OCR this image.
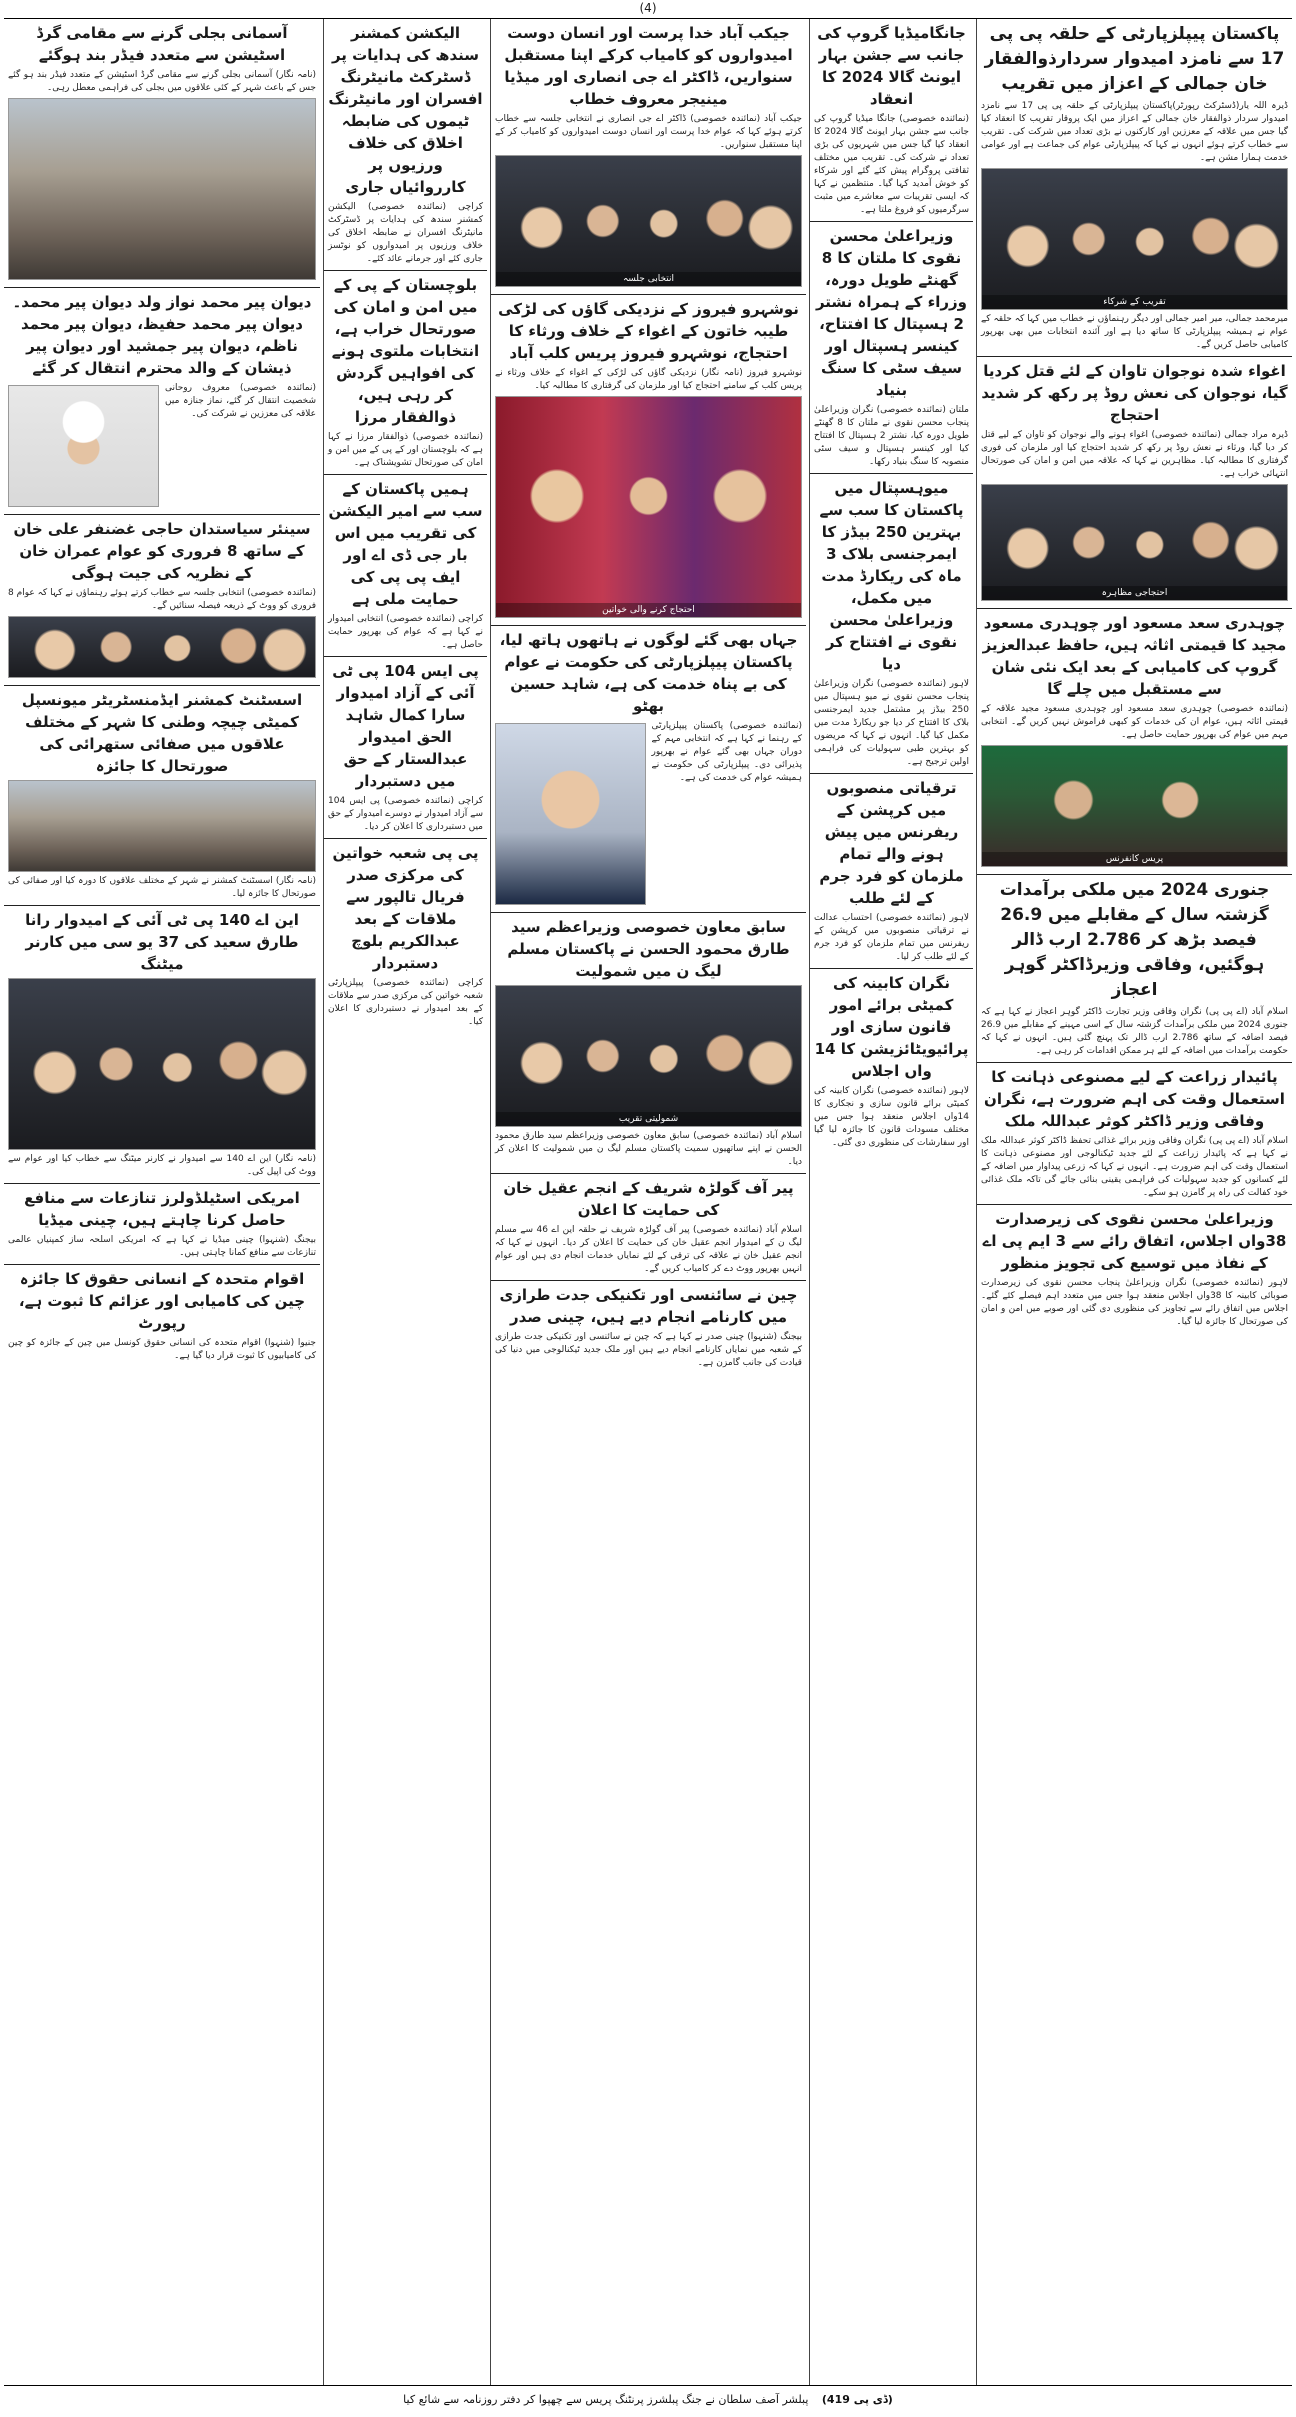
(4)
پاکستان پیپلزپارٹی کے حلقہ پی پی 17 سے نامزد امیدوار سردارذوالفقار خان جمالی کے اعزاز میں تقریب

ڈیرہ اللہ یار(ڈسٹرکٹ رپورٹر)پاکستان پیپلزپارٹی کے حلقہ پی پی 17 سے نامزد امیدوار سردار ذوالفقار خان جمالی کے اعزاز میں ایک پروقار تقریب کا انعقاد کیا گیا جس میں علاقہ کے معززین اور کارکنوں نے بڑی تعداد میں شرکت کی۔ تقریب سے خطاب کرتے ہوئے انہوں نے کہا کہ پیپلزپارٹی عوام کی جماعت ہے اور عوامی خدمت ہمارا مشن ہے۔

تقریب کے شرکاء

میرمحمد جمالی، میر امیر جمالی اور دیگر رہنماؤں نے خطاب میں کہا کہ حلقہ کے عوام نے ہمیشہ پیپلزپارٹی کا ساتھ دیا ہے اور آئندہ انتخابات میں بھی بھرپور کامیابی حاصل کریں گے۔

اغواء شدہ نوجوان تاوان کے لئے قتل کردیا گیا، نوجوان کی نعش روڈ پر رکھ کر شدید احتجاج

ڈیرہ مراد جمالی (نمائندہ خصوصی) اغواء ہونے والے نوجوان کو تاوان کے لیے قتل کر دیا گیا، ورثاء نے نعش روڈ پر رکھ کر شدید احتجاج کیا اور ملزمان کی فوری گرفتاری کا مطالبہ کیا۔ مظاہرین نے کہا کہ علاقہ میں امن و امان کی صورتحال انتہائی خراب ہے۔

احتجاجی مظاہرہ
چوہدری سعد مسعود اور چوہدری مسعود مجید کا قیمتی اثاثہ ہیں، حافظ عبدالعزیز گروپ کی کامیابی کے بعد ایک نئی شان سے مستقبل میں چلے گا

(نمائندہ خصوصی) چوہدری سعد مسعود اور چوہدری مسعود مجید علاقہ کے قیمتی اثاثہ ہیں، عوام ان کی خدمات کو کبھی فراموش نہیں کریں گے۔ انتخابی مہم میں عوام کی بھرپور حمایت حاصل ہے۔

پریس کانفرنس
جنوری 2024 میں ملکی برآمدات گزشتہ سال کے مقابلے میں 26.9 فیصد بڑھ کر 2.786 ارب ڈالر ہوگئیں، وفاقی وزیرڈاکٹر گوہر اعجاز

اسلام آباد (اے پی پی) نگران وفاقی وزیر تجارت ڈاکٹر گوہر اعجاز نے کہا ہے کہ جنوری 2024 میں ملکی برآمدات گزشتہ سال کے اسی مہینے کے مقابلے میں 26.9 فیصد اضافہ کے ساتھ 2.786 ارب ڈالر تک پہنچ گئی ہیں۔ انہوں نے کہا کہ حکومت برآمدات میں اضافہ کے لئے ہر ممکن اقدامات کر رہی ہے۔

پائیدار زراعت کے لیے مصنوعی ذہانت کا استعمال وقت کی اہم ضرورت ہے، نگران وفاقی وزیر ڈاکٹر کوثر عبداللہ ملک

اسلام آباد (اے پی پی) نگران وفاقی وزیر برائے غذائی تحفظ ڈاکٹر کوثر عبداللہ ملک نے کہا ہے کہ پائیدار زراعت کے لئے جدید ٹیکنالوجی اور مصنوعی ذہانت کا استعمال وقت کی اہم ضرورت ہے۔ انہوں نے کہا کہ زرعی پیداوار میں اضافہ کے لئے کسانوں کو جدید سہولیات کی فراہمی یقینی بنائی جائے گی تاکہ ملک غذائی خود کفالت کی راہ پر گامزن ہو سکے۔

وزیراعلیٰ محسن نقوی کی زیرصدارت 38واں اجلاس، اتفاق رائے سے 3 ایم پی اے کے نفاذ میں توسیع کی تجویز منظور

لاہور (نمائندہ خصوصی) نگران وزیراعلیٰ پنجاب محسن نقوی کی زیرصدارت صوبائی کابینہ کا 38واں اجلاس منعقد ہوا جس میں متعدد اہم فیصلے کئے گئے۔ اجلاس میں اتفاق رائے سے تجاویز کی منظوری دی گئی اور صوبے میں امن و امان کی صورتحال کا جائزہ لیا گیا۔

جانگامیڈیا گروپ کی جانب سے جشن بہار ایونٹ گالا 2024 کا انعقاد

(نمائندہ خصوصی) جانگا میڈیا گروپ کی جانب سے جشن بہار ایونٹ گالا 2024 کا انعقاد کیا گیا جس میں شہریوں کی بڑی تعداد نے شرکت کی۔ تقریب میں مختلف ثقافتی پروگرام پیش کئے گئے اور شرکاء کو خوش آمدید کہا گیا۔ منتظمین نے کہا کہ ایسی تقریبات سے معاشرے میں مثبت سرگرمیوں کو فروغ ملتا ہے۔

وزیراعلیٰ محسن نقوی کا ملتان کا 8 گھنٹے طویل دورہ، وزراء کے ہمراہ نشتر 2 ہسپتال کا افتتاح، کینسر ہسپتال اور سیف سٹی کا سنگ بنیاد

ملتان (نمائندہ خصوصی) نگران وزیراعلیٰ پنجاب محسن نقوی نے ملتان کا 8 گھنٹے طویل دورہ کیا، نشتر 2 ہسپتال کا افتتاح کیا اور کینسر ہسپتال و سیف سٹی منصوبہ کا سنگ بنیاد رکھا۔

میوہسپتال میں پاکستان کا سب سے بہترین 250 بیڈز کا ایمرجنسی بلاک 3 ماہ کی ریکارڈ مدت میں مکمل، وزیراعلیٰ محسن نقوی نے افتتاح کر دیا

لاہور (نمائندہ خصوصی) نگران وزیراعلیٰ پنجاب محسن نقوی نے میو ہسپتال میں 250 بیڈز پر مشتمل جدید ایمرجنسی بلاک کا افتتاح کر دیا جو ریکارڈ مدت میں مکمل کیا گیا۔ انہوں نے کہا کہ مریضوں کو بہترین طبی سہولیات کی فراہمی اولین ترجیح ہے۔

ترقیاتی منصوبوں میں کرپشن کے ریفرنس میں پیش ہونے والے تمام ملزمان کو فرد جرم کے لئے طلب

لاہور (نمائندہ خصوصی) احتساب عدالت نے ترقیاتی منصوبوں میں کرپشن کے ریفرنس میں تمام ملزمان کو فرد جرم کے لئے طلب کر لیا۔

نگران کابینہ کی کمیٹی برائے امور قانون سازی اور پرائیویٹائزیشن کا 14 واں اجلاس

لاہور (نمائندہ خصوصی) نگران کابینہ کی کمیٹی برائے قانون سازی و نجکاری کا 14واں اجلاس منعقد ہوا جس میں مختلف مسودات قانون کا جائزہ لیا گیا اور سفارشات کی منظوری دی گئی۔

جیکب آباد خدا پرست اور انسان دوست امیدواروں کو کامیاب کرکے اپنا مستقبل سنواریں، ڈاکٹر اے جی انصاری اور میڈیا مینیجر معروف خطاب

جیکب آباد (نمائندہ خصوصی) ڈاکٹر اے جی انصاری نے انتخابی جلسہ سے خطاب کرتے ہوئے کہا کہ عوام خدا پرست اور انسان دوست امیدواروں کو کامیاب کر کے اپنا مستقبل سنواریں۔

انتخابی جلسہ
نوشہرو فیروز کے نزدیکی گاؤں کی لڑکی طیبہ خاتون کے اغواء کے خلاف ورثاء کا احتجاج، نوشہرو فیروز پریس کلب آباد

نوشہرو فیروز (نامہ نگار) نزدیکی گاؤں کی لڑکی کے اغواء کے خلاف ورثاء نے پریس کلب کے سامنے احتجاج کیا اور ملزمان کی گرفتاری کا مطالبہ کیا۔

احتجاج کرنے والی خواتین
جہاں بھی گئے لوگوں نے ہاتھوں ہاتھ لیا، پاکستان پیپلزپارٹی کی حکومت نے عوام کی بے پناہ خدمت کی ہے، شاہد حسین بھٹو

(نمائندہ خصوصی) پاکستان پیپلزپارٹی کے رہنما نے کہا ہے کہ انتخابی مہم کے دوران جہاں بھی گئے عوام نے بھرپور پذیرائی دی۔ پیپلزپارٹی کی حکومت نے ہمیشہ عوام کی خدمت کی ہے۔

سابق معاون خصوصی وزیراعظم سید طارق محمود الحسن نے پاکستان مسلم لیگ ن میں شمولیت
شمولیتی تقریب

اسلام آباد (نمائندہ خصوصی) سابق معاون خصوصی وزیراعظم سید طارق محمود الحسن نے اپنے ساتھیوں سمیت پاکستان مسلم لیگ ن میں شمولیت کا اعلان کر دیا۔

پیر آف گولڑہ شریف کے انجم عقیل خان کی حمایت کا اعلان

اسلام آباد (نمائندہ خصوصی) پیر آف گولڑہ شریف نے حلقہ این اے 46 سے مسلم لیگ ن کے امیدوار انجم عقیل خان کی حمایت کا اعلان کر دیا۔ انہوں نے کہا کہ انجم عقیل خان نے علاقہ کی ترقی کے لئے نمایاں خدمات انجام دی ہیں اور عوام انہیں بھرپور ووٹ دے کر کامیاب کریں گے۔

چین نے سائنسی اور تکنیکی جدت طرازی میں کارنامے انجام دیے ہیں، چینی صدر

بیجنگ (شنہوا) چینی صدر نے کہا ہے کہ چین نے سائنسی اور تکنیکی جدت طرازی کے شعبہ میں نمایاں کارنامے انجام دیے ہیں اور ملک جدید ٹیکنالوجی میں دنیا کی قیادت کی جانب گامزن ہے۔

الیکشن کمشنر سندھ کی ہدایات پر ڈسٹرکٹ مانیٹرنگ افسران اور مانیٹرنگ ٹیموں کی ضابطہ اخلاق کی خلاف ورزیوں پر کارروائیاں جاری

کراچی (نمائندہ خصوصی) الیکشن کمشنر سندھ کی ہدایات پر ڈسٹرکٹ مانیٹرنگ افسران نے ضابطہ اخلاق کی خلاف ورزیوں پر امیدواروں کو نوٹسز جاری کئے اور جرمانے عائد کئے۔

بلوچستان کے پی کے میں امن و امان کی صورتحال خراب ہے، انتخابات ملتوی ہونے کی افواہیں گردش کر رہی ہیں، ذوالفقار مرزا

(نمائندہ خصوصی) ذوالفقار مرزا نے کہا ہے کہ بلوچستان اور کے پی کے میں امن و امان کی صورتحال تشویشناک ہے۔

ہمیں پاکستان کے سب سے امیر الیکشن کی تقریب میں اس بار جی ڈی اے اور ایف پی پی کی حمایت ملی ہے

کراچی (نمائندہ خصوصی) انتخابی امیدوار نے کہا ہے کہ عوام کی بھرپور حمایت حاصل ہے۔

پی ایس 104 پی ٹی آئی کے آزاد امیدوار سارا کمال شاہد الحق امیدوار عبدالستار کے حق میں دستبردار

کراچی (نمائندہ خصوصی) پی ایس 104 سے آزاد امیدوار نے دوسرے امیدوار کے حق میں دستبرداری کا اعلان کر دیا۔

پی پی شعبہ خواتین کی مرکزی صدر فریال تالپور سے ملاقات کے بعد عبدالکریم بلوچ دستبردار

کراچی (نمائندہ خصوصی) پیپلزپارٹی شعبہ خواتین کی مرکزی صدر سے ملاقات کے بعد امیدوار نے دستبرداری کا اعلان کیا۔

آسمانی بجلی گرنے سے مقامی گرڈ اسٹیشن سے متعدد فیڈر بند ہوگئے

(نامہ نگار) آسمانی بجلی گرنے سے مقامی گرڈ اسٹیشن کے متعدد فیڈر بند ہو گئے جس کے باعث شہر کے کئی علاقوں میں بجلی کی فراہمی معطل رہی۔

دیوان پیر محمد نواز ولد دیوان پیر محمد۔ دیوان پیر محمد حفیظ، دیوان پیر محمد ناظم، دیوان پیر جمشید اور دیوان پیر ذیشان کے والد محترم انتقال کر گئے

(نمائندہ خصوصی) معروف روحانی شخصیت انتقال کر گئے، نماز جنازہ میں علاقہ کی معززین نے شرکت کی۔

سینئر سیاستدان حاجی غضنفر علی خان کے ساتھ 8 فروری کو عوام عمران خان کے نظریہ کی جیت ہوگی

(نمائندہ خصوصی) انتخابی جلسہ سے خطاب کرتے ہوئے رہنماؤں نے کہا کہ عوام 8 فروری کو ووٹ کے ذریعہ فیصلہ سنائیں گے۔

اسسٹنٹ کمشنر ایڈمنسٹریٹر میونسپل کمیٹی چیچہ وطنی کا شہر کے مختلف علاقوں میں صفائی ستھرائی کی صورتحال کا جائزہ

(نامہ نگار) اسسٹنٹ کمشنر نے شہر کے مختلف علاقوں کا دورہ کیا اور صفائی کی صورتحال کا جائزہ لیا۔

این اے 140 پی ٹی آئی کے امیدوار رانا طارق سعید کی 37 یو سی میں کارنر میٹنگ

(نامہ نگار) این اے 140 سے امیدوار نے کارنر میٹنگ سے خطاب کیا اور عوام سے ووٹ کی اپیل کی۔

امریکی اسٹیلڈولرز تنازعات سے منافع حاصل کرنا چاہتے ہیں، چینی میڈیا

بیجنگ (شنہوا) چینی میڈیا نے کہا ہے کہ امریکی اسلحہ ساز کمپنیاں عالمی تنازعات سے منافع کمانا چاہتی ہیں۔

اقوام متحدہ کے انسانی حقوق کا جائزہ چین کی کامیابی اور عزائم کا ثبوت ہے، رپورٹ

جنیوا (شنہوا) اقوام متحدہ کی انسانی حقوق کونسل میں چین کے جائزہ کو چین کی کامیابیوں کا ثبوت قرار دیا گیا ہے۔

(ڈی پی 419) پبلشر آصف سلطان نے جنگ پبلشرز پرنٹنگ پریس سے چھپوا کر دفتر روزنامہ سے شائع کیا
